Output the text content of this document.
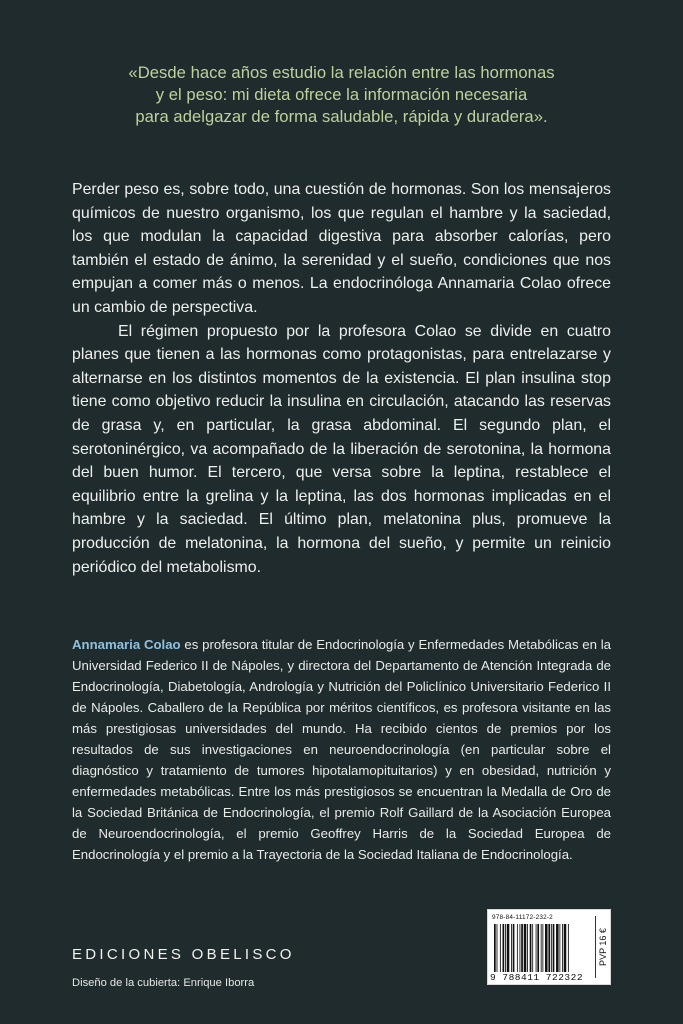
«Desde hace años estudio la relación entre las hormonas
y el peso: mi dieta ofrece la información necesaria
para adelgazar de forma saludable, rápida y duradera».

Perder peso es, sobre todo, una cuestión de hormonas. Son los mensajeros químicos de nuestro organismo, los que regulan el hambre y la saciedad, los que modulan la capacidad digestiva para absorber calorías, pero también el estado de ánimo, la serenidad y el sueño, condiciones que nos empujan a comer más o menos. La endocrinóloga Annamaria Colao ofrece un cambio de perspectiva.

El régimen propuesto por la profesora Colao se divide en cuatro planes que tienen a las hormonas como protagonistas, para entrelazarse y alternarse en los distintos momentos de la existencia. El plan insulina stop tiene como objetivo reducir la insulina en circulación, atacando las reservas de grasa y, en particular, la grasa abdominal. El segundo plan, el serotoninérgico, va acompañado de la liberación de serotonina, la hormona del buen humor. El tercero, que versa sobre la leptina, restablece el equilibrio entre la grelina y la leptina, las dos hormonas implicadas en el hambre y la saciedad. El último plan, melatonina plus, promueve la producción de melatonina, la hormona del sueño, y permite un reinicio periódico del metabolismo.

Annamaria Colao es profesora titular de Endocrinología y Enfermedades Metabólicas en la Universidad Federico II de Nápoles, y directora del Departamento de Atención Integrada de Endocrinología, Diabetología, Andrología y Nutrición del Policlínico Universitario Federico II de Nápoles. Caballero de la República por méritos científicos, es profesora visitante en las más prestigiosas universidades del mundo. Ha recibido cientos de premios por los resultados de sus investigaciones en neuroendocrinología (en particular sobre el diagnóstico y tratamiento de tumores hipotalamopituitarios) y en obesidad, nutrición y enfermedades metabólicas. Entre los más prestigiosos se encuentran la Medalla de Oro de la Sociedad Británica de Endocrinología, el premio Rolf Gaillard de la Asociación Europea de Neuroendocrinología, el premio Geoffrey Harris de la Sociedad Europea de Endocrinología y el premio a la Trayectoria de la Sociedad Italiana de Endocrinología.
EDICIONES OBELISCO
Diseño de la cubierta: Enrique Iborra
978-84-11172-232-2
9 788411 722322
PVP 16 €
